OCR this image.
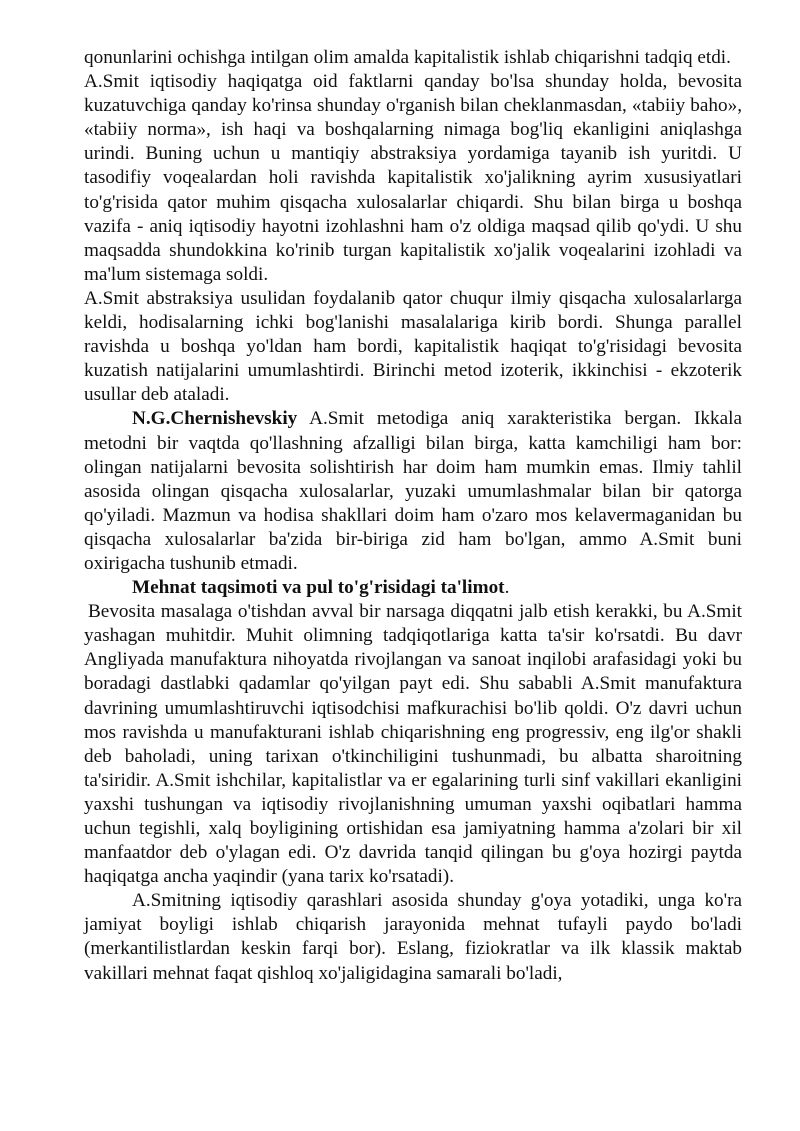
qonunlarini ochishga intilgan olim amalda kapitalistik ishlab chiqarishni tadqiq etdi.

A.Smit iqtisodiy haqiqatga oid faktlarni qanday bo'lsa shunday holda, bevosita kuzatuvchiga qanday ko'rinsa shunday o'rganish bilan cheklanmasdan, «tabiiy baho», «tabiiy norma», ish haqi va boshqalarning nimaga bog'liq ekanligini aniqlashga urindi. Buning uchun u mantiqiy abstraksiya yordamiga tayanib ish yuritdi. U tasodifiy voqealardan holi ravishda kapitalistik xo'jalikning ayrim xususiyatlari to'g'risida qator muhim qisqacha xulosalarlar chiqardi. Shu bilan birga u boshqa vazifa - aniq iqtisodiy hayotni izohlashni ham o'z oldiga maqsad qilib qo'ydi. U shu maqsadda shundokkina ko'rinib turgan kapitalistik xo'jalik voqealarini izohladi va ma'lum sistemaga soldi.

A.Smit abstraksiya usulidan foydalanib qator chuqur ilmiy qisqacha xulosalarlarga keldi, hodisalarning ichki bog'lanishi masalalariga kirib bordi. Shunga parallel ravishda u boshqa yo'ldan ham bordi, kapitalistik haqiqat to'g'risidagi bevosita kuzatish natijalarini umumlashtirdi. Birinchi metod izoterik, ikkinchisi - ekzoterik usullar deb ataladi.

N.G.Chernishevskiy A.Smit metodiga aniq xarakteristika bergan. Ikkala metodni bir vaqtda qo'llashning afzalligi bilan birga, katta kamchiligi ham bor: olingan natijalarni bevosita solishtirish har doim ham mumkin emas. Ilmiy tahlil asosida olingan qisqacha xulosalarlar, yuzaki umumlashmalar bilan bir qatorga qo'yiladi. Mazmun va hodisa shakllari doim ham o'zaro mos kelavermaganidan bu qisqacha xulosalarlar ba'zida bir-biriga zid ham bo'lgan, ammo A.Smit buni oxirigacha tushunib etmadi.

Mehnat taqsimoti va pul to'g'risidagi ta'limot.

Bevosita masalaga o'tishdan avval bir narsaga diqqatni jalb etish kerakki, bu A.Smit yashagan muhitdir. Muhit olimning tadqiqotlariga katta ta'sir ko'rsatdi. Bu davr Angliyada manufaktura nihoyatda rivojlangan va sanoat inqilobi arafasidagi yoki bu boradagi dastlabki qadamlar qo'yilgan payt edi. Shu sababli A.Smit manufaktura davrining umumlashtiruvchi iqtisodchisi mafkurachisi bo'lib qoldi. O'z davri uchun mos ravishda u manufakturani ishlab chiqarishning eng progressiv, eng ilg'or shakli deb baholadi, uning tarixan o'tkinchiligini tushunmadi, bu albatta sharoitning ta'siridir. A.Smit ishchilar, kapitalistlar va er egalarining turli sinf vakillari ekanligini yaxshi tushungan va iqtisodiy rivojlanishning umuman yaxshi oqibatlari hamma uchun tegishli, xalq boyligining ortishidan esa jamiyatning hamma a'zolari bir xil manfaatdor deb o'ylagan edi. O'z davrida tanqid qilingan bu g'oya hozirgi paytda haqiqatga ancha yaqindir (yana tarix ko'rsatadi).

A.Smitning iqtisodiy qarashlari asosida shunday g'oya yotadiki, unga ko'ra jamiyat boyligi ishlab chiqarish jarayonida mehnat tufayli paydo bo'ladi (merkantilistlardan keskin farqi bor). Eslang, fiziokratlar va ilk klassik maktab vakillari mehnat faqat qishloq xo'jaligidagina samarali bo'ladi,
